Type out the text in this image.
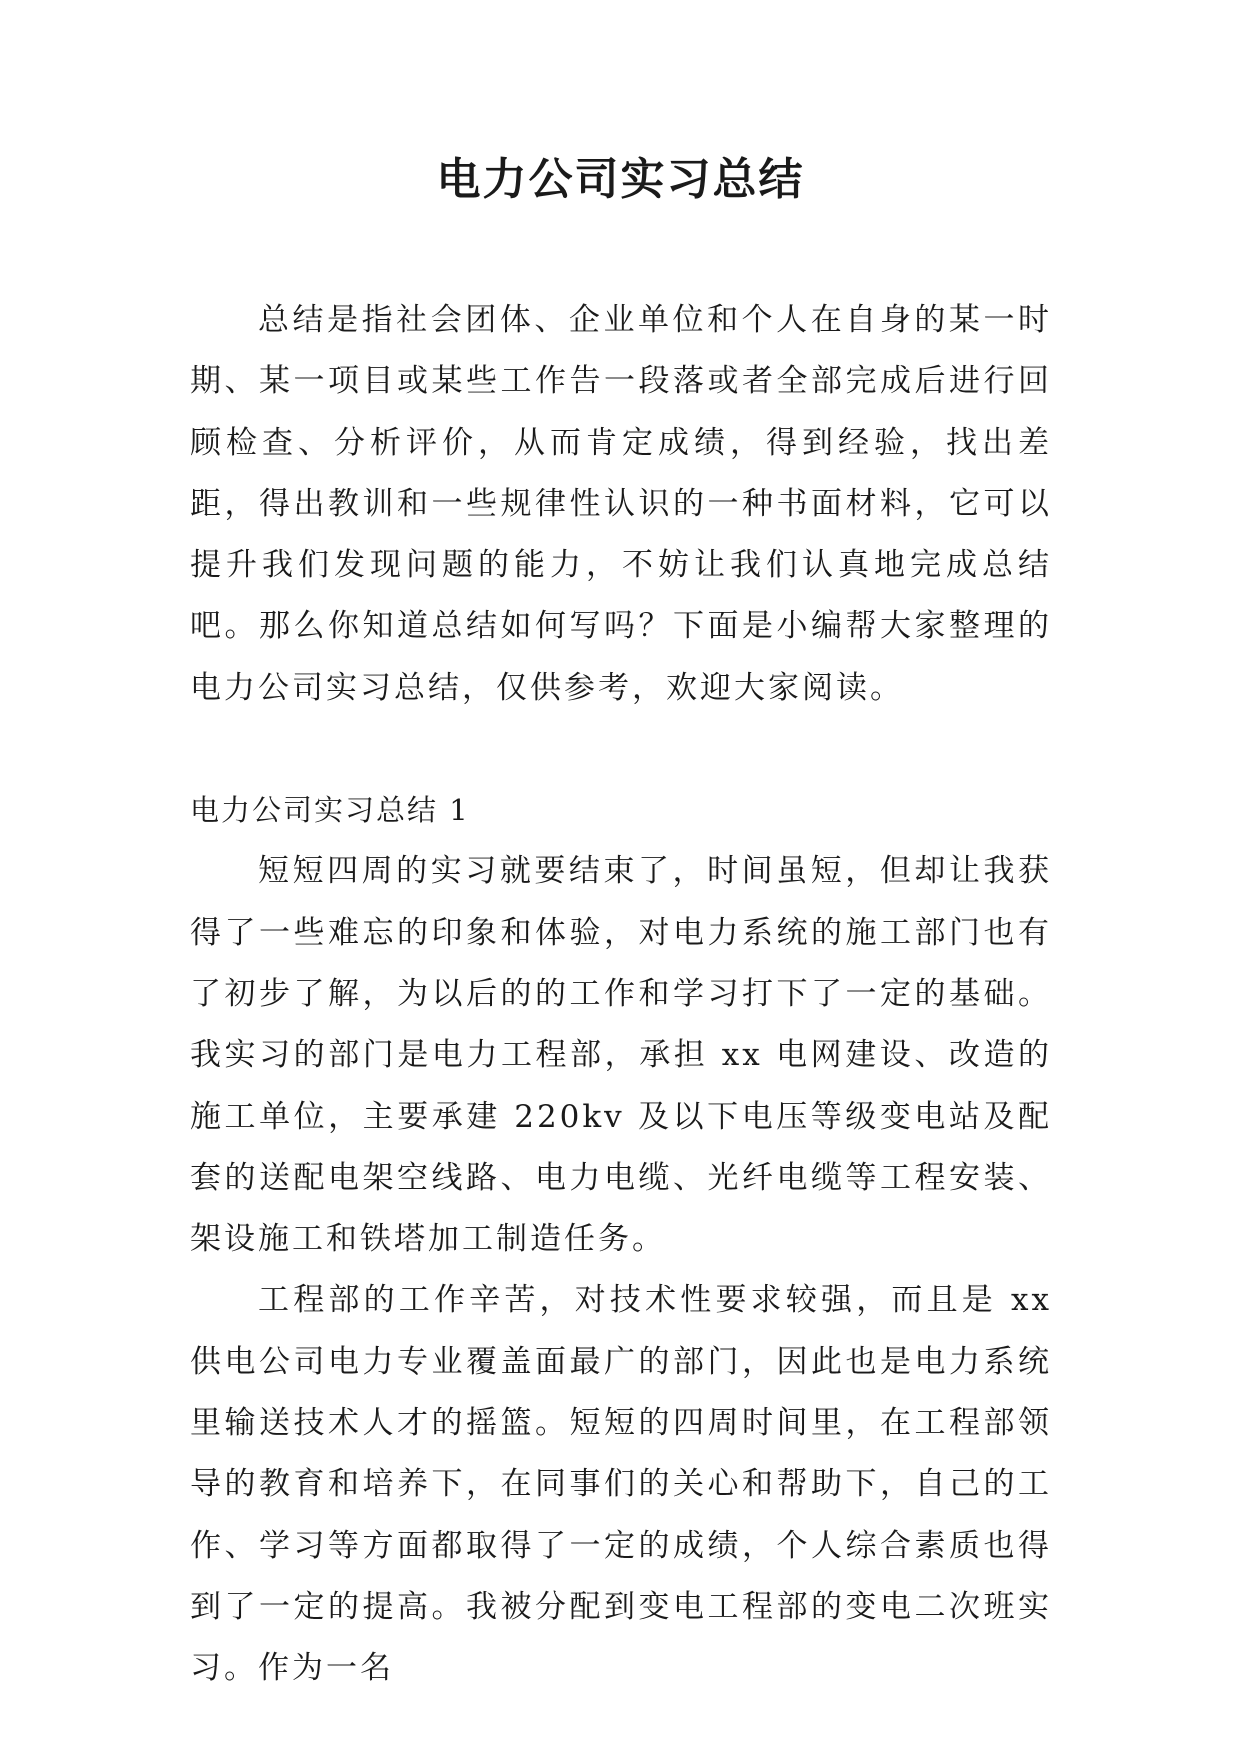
电力公司实习总结

总结是指社会团体、企业单位和个人在自身的某一时期、某一项目或某些工作告一段落或者全部完成后进行回顾检查、分析评价，从而肯定成绩，得到经验，找出差距，得出教训和一些规律性认识的一种书面材料，它可以提升我们发现问题的能力，不妨让我们认真地完成总结吧。那么你知道总结如何写吗？下面是小编帮大家整理的电力公司实习总结，仅供参考，欢迎大家阅读。

电力公司实习总结 1

短短四周的实习就要结束了，时间虽短，但却让我获得了一些难忘的印象和体验，对电力系统的施工部门也有了初步了解，为以后的的工作和学习打下了一定的基础。我实习的部门是电力工程部，承担 xx 电网建设、改造的施工单位，主要承建 220kv 及以下电压等级变电站及配套的送配电架空线路、电力电缆、光纤电缆等工程安装、架设施工和铁塔加工制造任务。

工程部的工作辛苦，对技术性要求较强，而且是 xx 供电公司电力专业覆盖面最广的部门，因此也是电力系统里输送技术人才的摇篮。短短的四周时间里，在工程部领导的教育和培养下，在同事们的关心和帮助下，自己的工作、学习等方面都取得了一定的成绩，个人综合素质也得到了一定的提高。我被分配到变电工程部的变电二次班实习。作为一名
